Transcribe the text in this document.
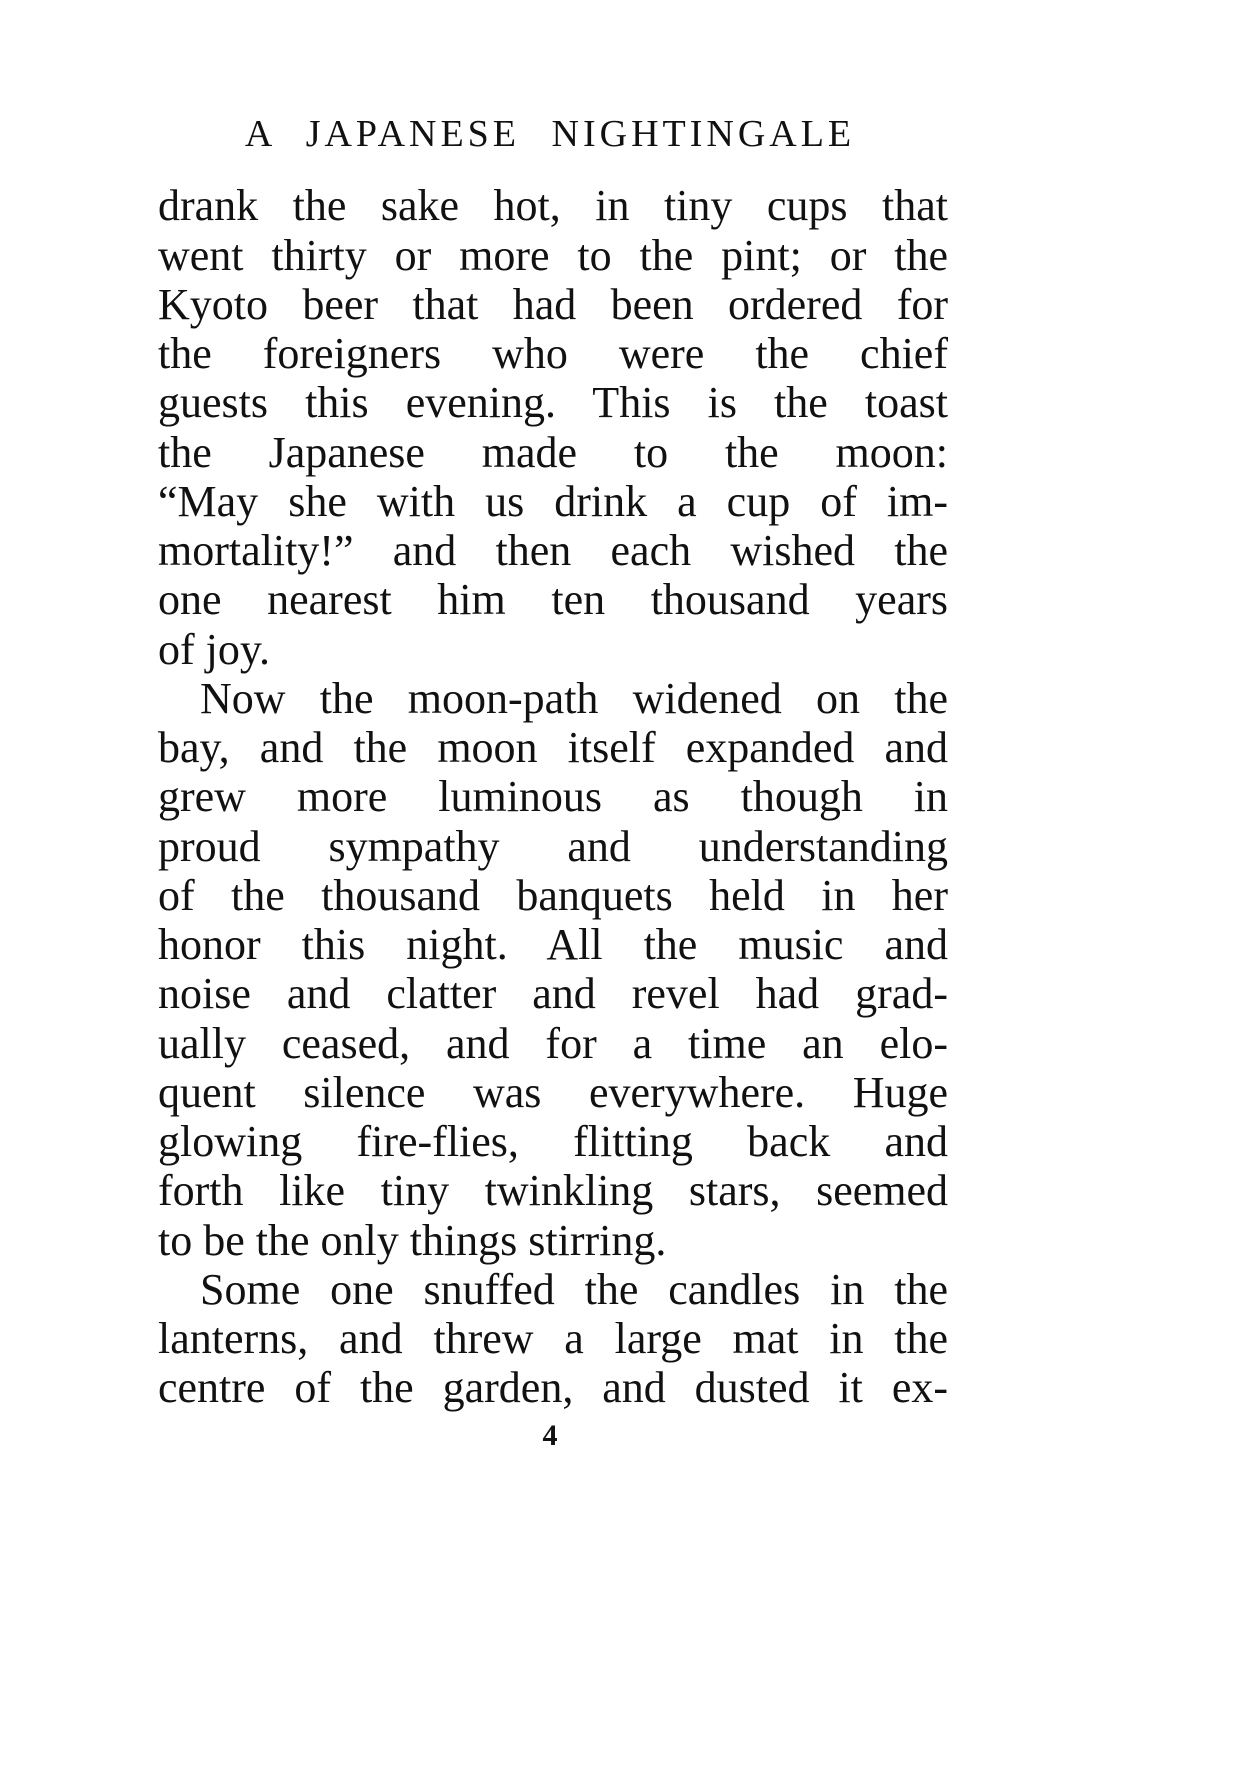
A JAPANESE NIGHTINGALE
drank the sake hot, in tiny cups that
went thirty or more to the pint; or the
Kyoto beer that had been ordered for
the foreigners who were the chief
guests this evening. This is the toast
the Japanese made to the moon:
“May she with us drink a cup of im-
mortality!” and then each wished the
one nearest him ten thousand years
of joy.
Now the moon-path widened on the
bay, and the moon itself expanded and
grew more luminous as though in
proud sympathy and understanding
of the thousand banquets held in her
honor this night. All the music and
noise and clatter and revel had grad-
ually ceased, and for a time an elo-
quent silence was everywhere. Huge
glowing fire-flies, flitting back and
forth like tiny twinkling stars, seemed
to be the only things stirring.
Some one snuffed the candles in the
lanterns, and threw a large mat in the
centre of the garden, and dusted it ex-
4
